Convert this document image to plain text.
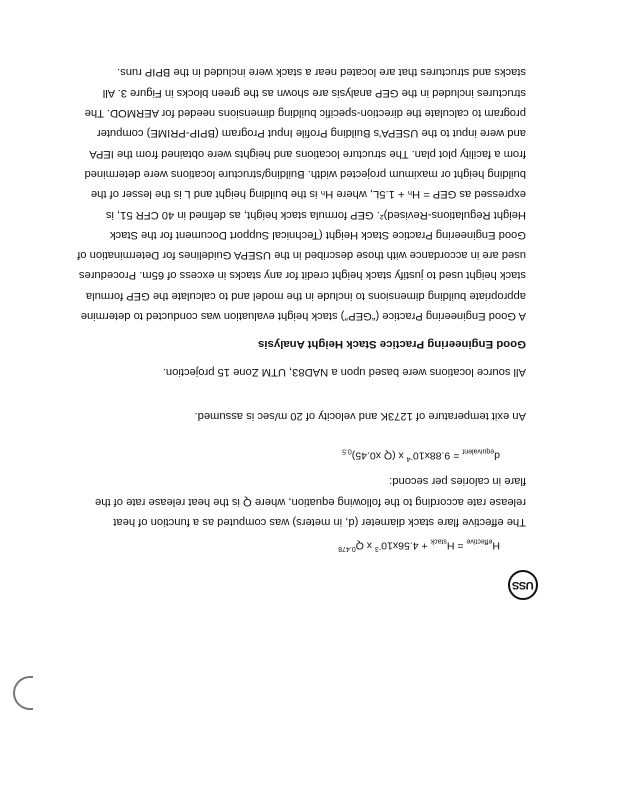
USS
$H_{effective} = H_{stack} + 4.56x10^{-3}$ x $Q^{0.478}$
The effective flare stack diameter (d, in meters) was computed as a function of heat release rate according to the following equation, where Q is the heat release rate of the flare in calories per second:
$d_{equivalent} = 9.88x10^{-4}$ x (Q $x0.45)_{0.5}$
An exit temperature of 1273K and velocity of 20 m/sec is assumed.
All source locations were based upon a NAD83, UTM Zone 15 projection.
Good Engineering Practice Stack Height Analysis
A Good Engineering Practice (“GEP”) stack height evaluation was conducted to determine appropriate building dimensions to include in the model and to calculate the GEP formula stack height used to justify stack height credit for any stacks in excess of 65m. Procedures used are in accordance with those described in the USEPA Guidelines for Determination of Good Engineering Practice Stack Height (Technical Support Document for the Stack Height Regulations-Revised)². GEP formula stack height, as defined in 40 CFR 51, is expressed as GEP = Hₕ + 1.5L, where Hₕ is the building height and L is the lesser of the building height or maximum projected width. Building/structure locations were determined from a facility plot plan. The structure locations and heights were obtained from the IEPA and were input to the USEPA's Building Profile Input Program (BPIP-PRIME) computer program to calculate the direction-specific building dimensions needed for AERMOD. The structures included in the GEP analysis are shown as the green blocks in Figure 3. All stacks and structures that are located near a stack were included in the BPIP runs.
